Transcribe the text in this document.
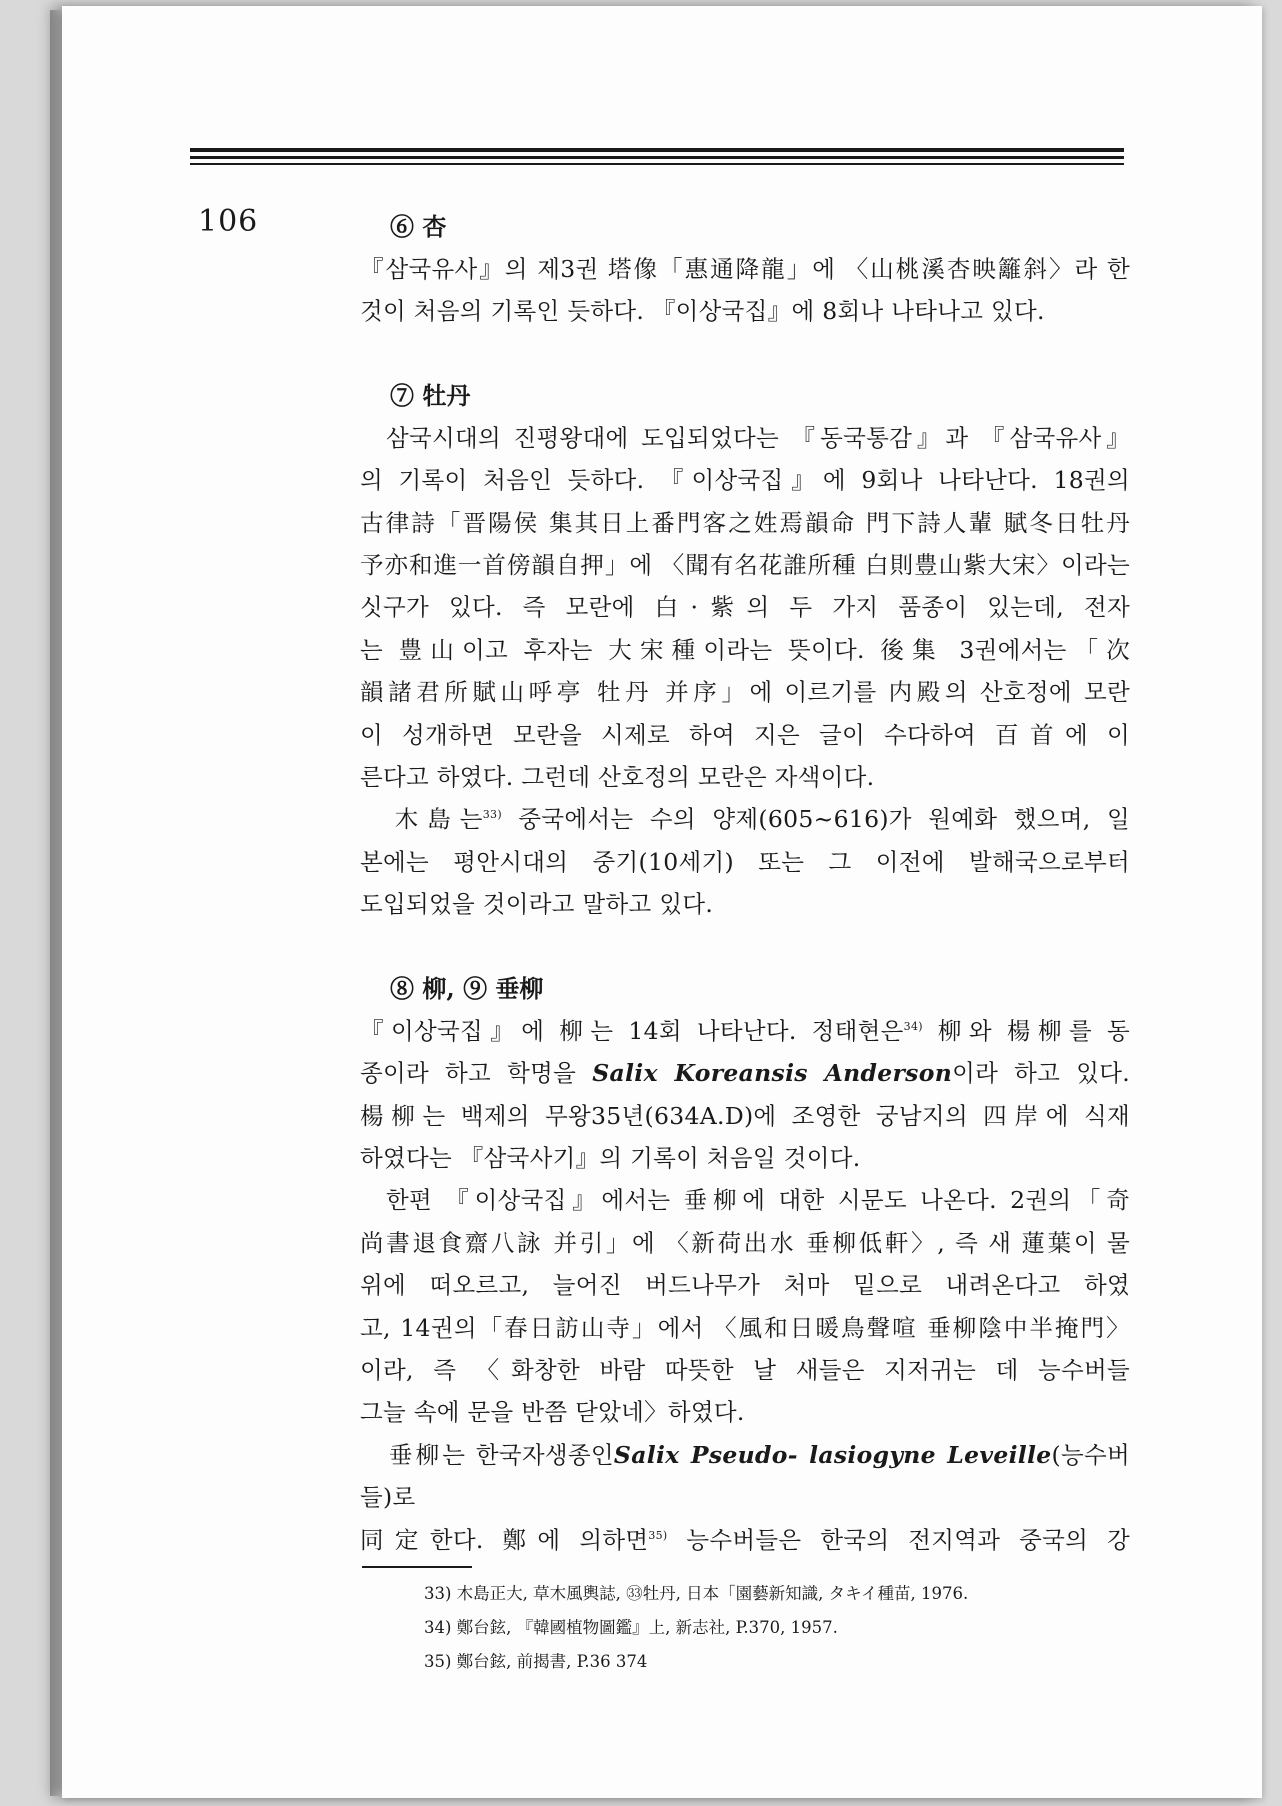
106	⑥ 杏

『삼국유사』의 제3권 塔像「惠通降龍」에 〈山桃溪杏映籬斜〉라 한

것이 처음의 기록인 듯하다. 『이상국집』에 8회나 나타나고 있다.

⑦ 牡丹

삼국시대의 진평왕대에 도입되었다는 『동국통감』과 『삼국유사』

의 기록이 처음인 듯하다. 『이상국집』에 9회나 나타난다. 18권의

古律詩「晋陽侯 集其日上番門客之姓焉韻命 門下詩人輩 賦冬日牡丹

予亦和進一首傍韻自押」에 〈聞有名花誰所種 白則豊山紫大宋〉이라는

싯구가 있다. 즉 모란에 白·紫의 두 가지 품종이 있는데, 전자

는 豊山이고 후자는 大宋種이라는 뜻이다. 後集 3권에서는「次

韻諸君所賦山呼亭 牡丹 并序」에 이르기를 内殿의 산호정에 모란

이 성개하면 모란을 시제로 하여 지은 글이 수다하여 百首에 이

른다고 하였다. 그런데 산호정의 모란은 자색이다.

木島는$^{33)}$ 중국에서는 수의 양제(605~616)가 원예화 했으며, 일

본에는 평안시대의 중기(10세기) 또는 그 이전에 발해국으로부터

도입되었을 것이라고 말하고 있다.

⑧ 柳, ⑨ 垂柳

『이상국집』에 柳는 14회 나타난다. 정태현은$^{34)}$ 柳와 楊柳를 동

종이라 하고 학명을 Salix Koreansis Anderson이라 하고 있다.

楊柳는 백제의 무왕35년(634A.D)에 조영한 궁남지의 四岸에 식재

하였다는 『삼국사기』의 기록이 처음일 것이다.

한편 『이상국집』에서는 垂柳에 대한 시문도 나온다. 2권의「奇

尚書退食齋八詠 并引」에 〈新荷出水 垂柳低軒〉, 즉 새 蓮葉이 물

위에 떠오르고, 늘어진 버드나무가 처마 밑으로 내려온다고 하였

고, 14권의「春日訪山寺」에서 〈風和日暖鳥聲喧 垂柳陰中半掩門〉

이라, 즉 〈화창한 바람 따뜻한 날 새들은 지저귀는 데 능수버들

그늘 속에 문을 반쯤 닫았네〉하였다.

垂柳는 한국자생종인Salix Pseudo- lasiogyne Leveille(능수버들)로

同定한다. 鄭에 의하면$^{35)}$ 능수버들은 한국의 전지역과 중국의 강

33) 木島正大, 草木風輿誌, ㉝牡丹, 日本「園藝新知識, タキイ種苗, 1976.

34) 鄭台鉉, 『韓國植物圖鑑』上, 新志社, P.370, 1957.

35) 鄭台鉉, 前揭書, P.36 374
